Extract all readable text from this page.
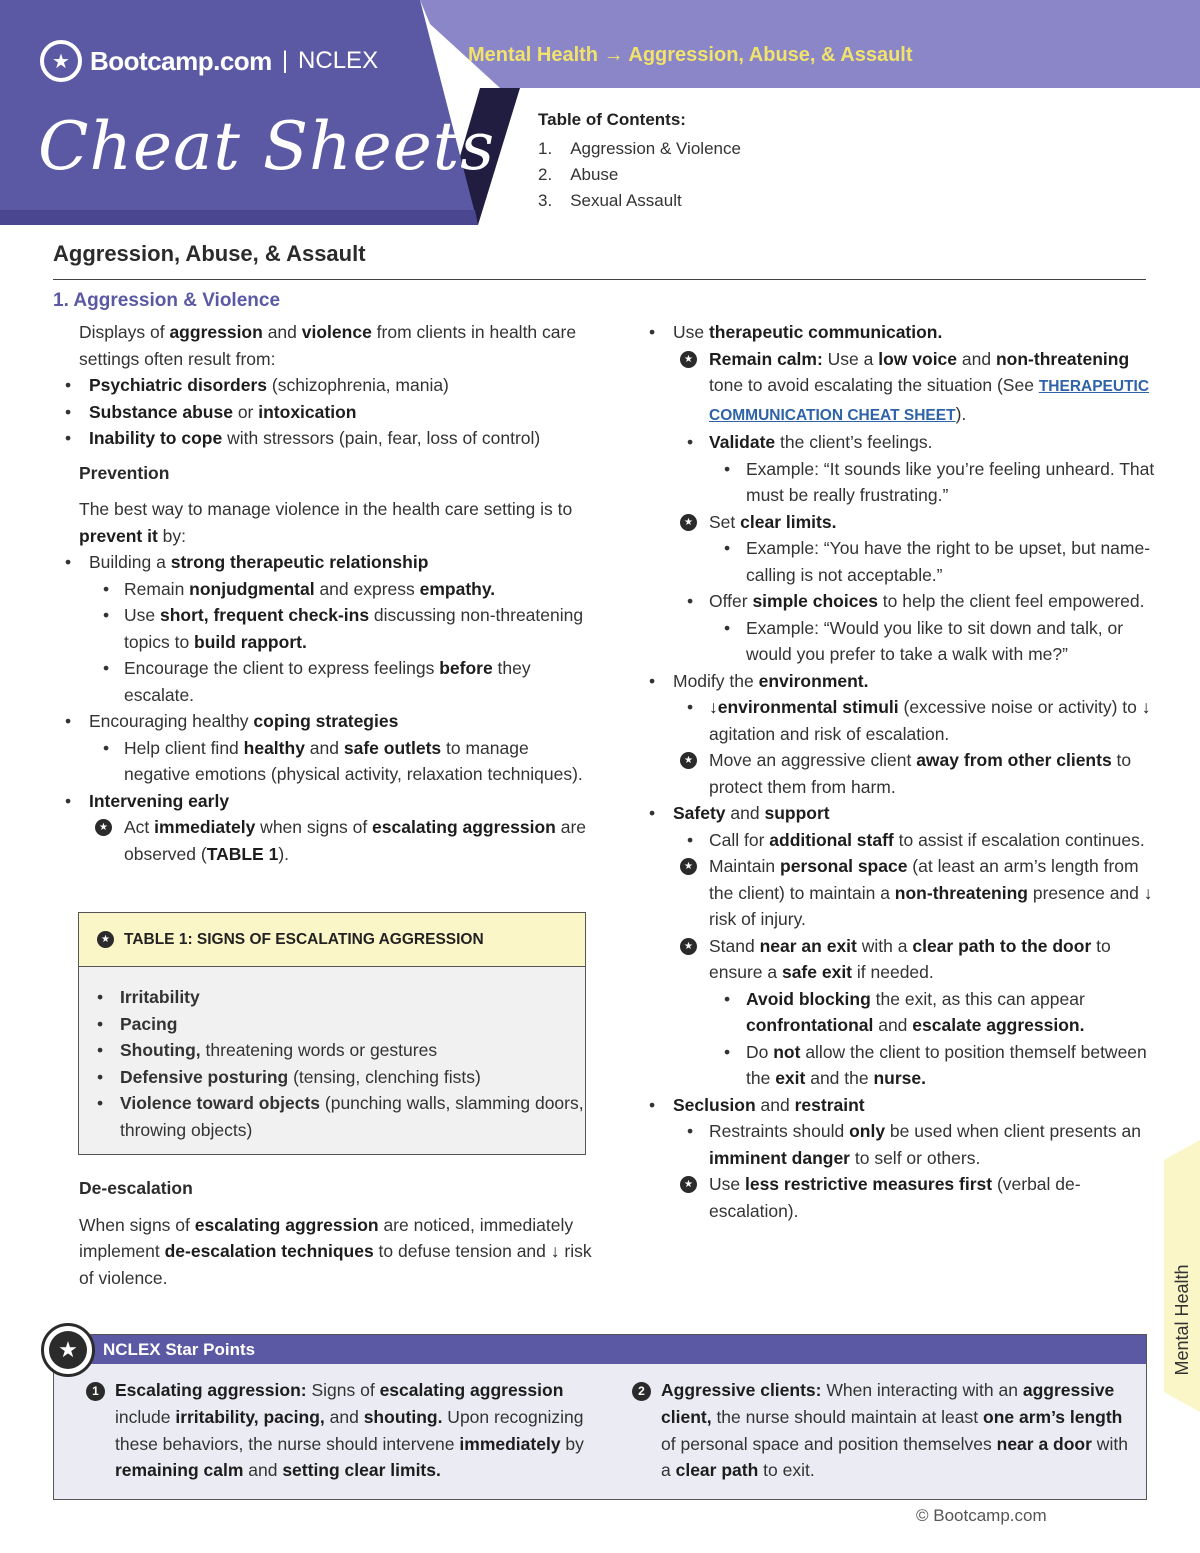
★ Bootcamp.com | NCLEX
Cheat Sheets
Mental Health → Aggression, Abuse, & Assault
Table of Contents:
1. Aggression & Violence
2. Abuse
3. Sexual Assault
Aggression, Abuse, & Assault
1. Aggression & Violence
Displays of aggression and violence from clients in health care settings often result from:
• Psychiatric disorders (schizophrenia, mania)
• Substance abuse or intoxication
• Inability to cope with stressors (pain, fear, loss of control)
Prevention
The best way to manage violence in the health care setting is to prevent it by:
• Building a strong therapeutic relationship
• Remain nonjudgmental and express empathy.
• Use short, frequent check-ins discussing non-threatening topics to build rapport.
• Encourage the client to express feelings before they escalate.
• Encouraging healthy coping strategies
• Help client find healthy and safe outlets to manage negative emotions (physical activity, relaxation techniques).
• Intervening early
★ Act immediately when signs of escalating aggression are observed (TABLE 1).
★ TABLE 1: SIGNS OF ESCALATING AGGRESSION
• Irritability
• Pacing
• Shouting, threatening words or gestures
• Defensive posturing (tensing, clenching fists)
• Violence toward objects (punching walls, slamming doors, throwing objects)
De-escalation
When signs of escalating aggression are noticed, immediately implement de-escalation techniques to defuse tension and ↓ risk of violence.
• Use therapeutic communication.
★ Remain calm: Use a low voice and non-threatening tone to avoid escalating the situation (See THERAPEUTIC COMMUNICATION CHEAT SHEET).
• Validate the client’s feelings.
• Example: “It sounds like you’re feeling unheard. That must be really frustrating.”
★ Set clear limits.
• Example: “You have the right to be upset, but name-calling is not acceptable.”
• Offer simple choices to help the client feel empowered.
• Example: “Would you like to sit down and talk, or would you prefer to take a walk with me?”
• Modify the environment.
• ↓environmental stimuli (excessive noise or activity) to ↓ agitation and risk of escalation.
★ Move an aggressive client away from other clients to protect them from harm.
• Safety and support
• Call for additional staff to assist if escalation continues.
★ Maintain personal space (at least an arm’s length from the client) to maintain a non-threatening presence and ↓ risk of injury.
★ Stand near an exit with a clear path to the door to ensure a safe exit if needed.
• Avoid blocking the exit, as this can appear confrontational and escalate aggression.
• Do not allow the client to position themself between the exit and the nurse.
• Seclusion and restraint
• Restraints should only be used when client presents an imminent danger to self or others.
★ Use less restrictive measures first (verbal de-escalation).
Mental Health
NCLEX Star Points
★
1 Escalating aggression: Signs of escalating aggression include irritability, pacing, and shouting. Upon recognizing these behaviors, the nurse should intervene immediately by remaining calm and setting clear limits.
2 Aggressive clients: When interacting with an aggressive client, the nurse should maintain at least one arm’s length of personal space and position themselves near a door with a clear path to exit.
© Bootcamp.com
